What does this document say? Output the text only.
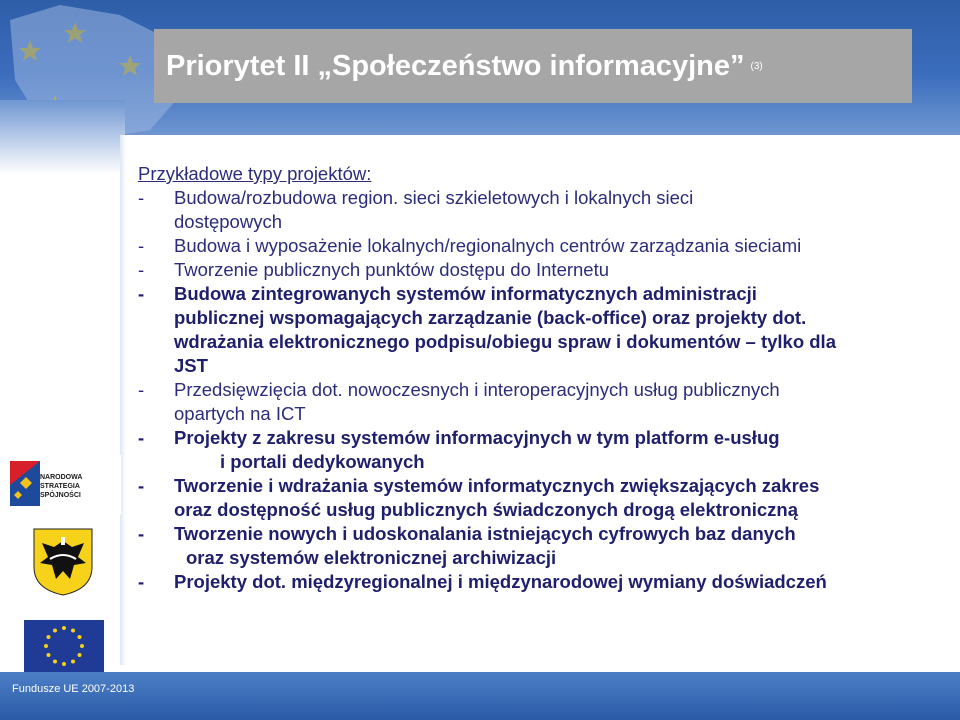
Priorytet II „Społeczeństwo informacyjne” (3)
Przykładowe typy projektów:
- Budowa/rozbudowa region. sieci szkieletowych i lokalnych sieci
dostępowych
- Budowa i wyposażenie lokalnych/regionalnych centrów zarządzania sieciami
- Tworzenie publicznych punktów dostępu do Internetu
- Budowa zintegrowanych systemów informatycznych administracji
publicznej wspomagających zarządzanie (back-office) oraz projekty dot.
wdrażania elektronicznego podpisu/obiegu spraw i dokumentów – tylko dla
JST
- Przedsięwzięcia dot. nowoczesnych i interoperacyjnych usług publicznych
opartych na ICT
- Projekty z zakresu systemów informacyjnych w tym platform e-usług
i portali dedykowanych
- Tworzenie i wdrażania systemów informatycznych zwiększających zakres
oraz dostępność usług publicznych świadczonych drogą elektroniczną
- Tworzenie nowych i udoskonalania istniejących cyfrowych baz danych
oraz systemów elektronicznej archiwizacji
- Projekty dot. międzyregionalnej i międzynarodowej wymiany doświadczeń
NARODOWA
STRATEGIA SPÓJNOŚCI
Fundusze UE 2007-2013
